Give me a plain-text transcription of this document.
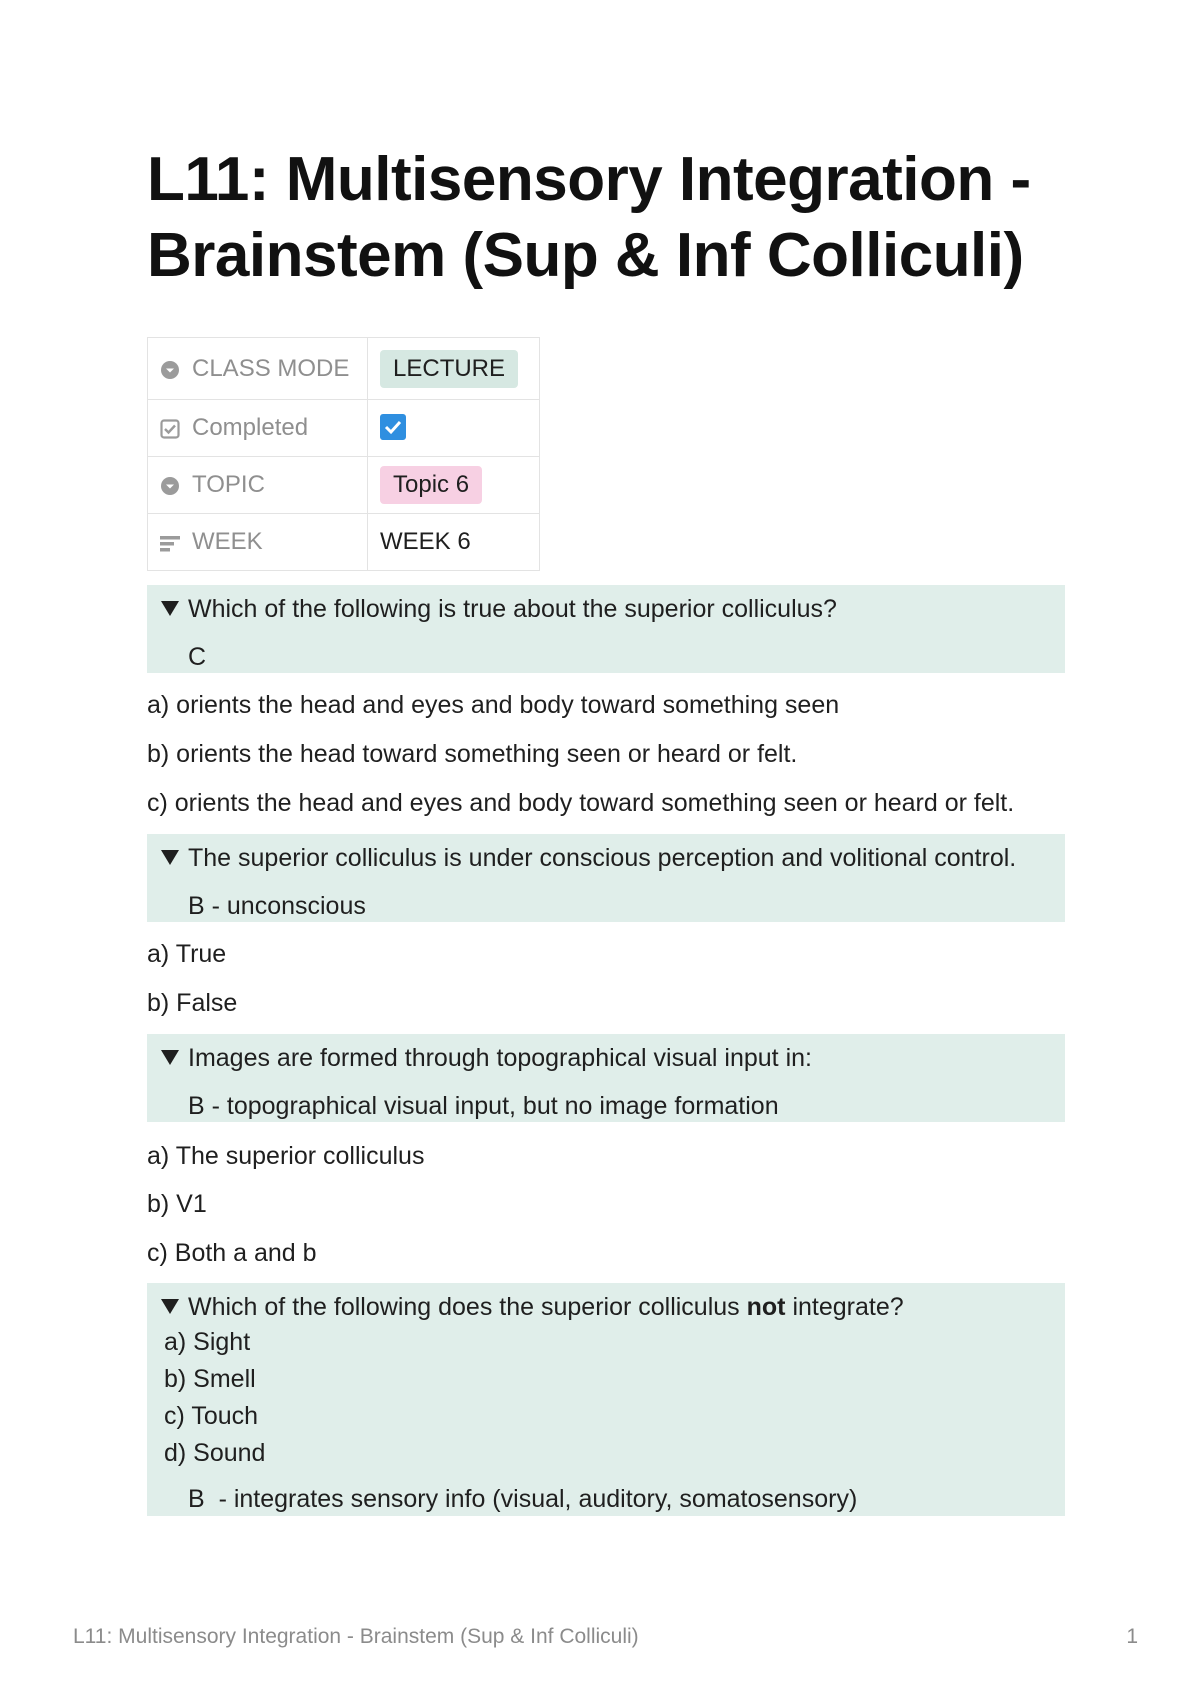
L11: Multisensory Integration - Brainstem (Sup & Inf Colliculi)
CLASS MODE	LECTURE
Completed	
TOPIC	Topic 6
WEEK	WEEK 6
Which of the following is true about the superior colliculus?
C

a) orients the head and eyes and body toward something seen

b) orients the head toward something seen or heard or felt.

c) orients the head and eyes and body toward something seen or heard or felt.

The superior colliculus is under conscious perception and volitional control.
B - unconscious

a) True

b) False

Images are formed through topographical visual input in:
B - topographical visual input, but no image formation

a) The superior colliculus

b) V1

c) Both a and b

Which of the following does the superior colliculus not integrate?
a) Sight
b) Smell
c) Touch
d) Sound
B  - integrates sensory info (visual, auditory, somatosensory)
L11: Multisensory Integration - Brainstem (Sup & Inf Colliculi)	1
